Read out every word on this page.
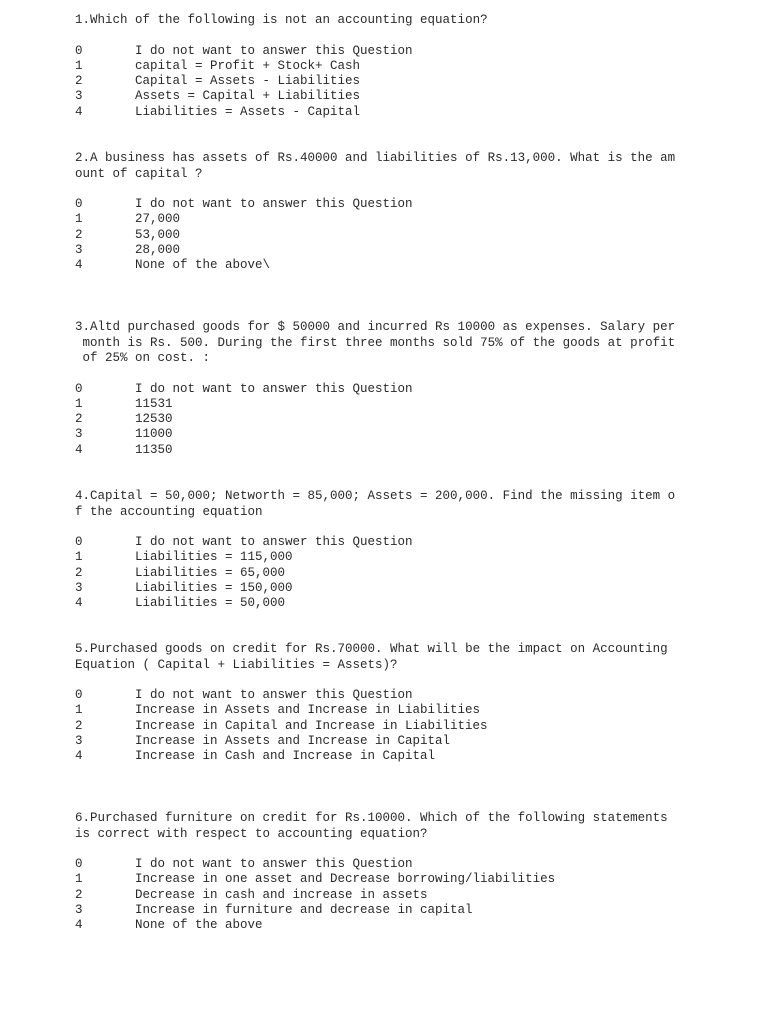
1.Which of the following is not an accounting equation?

0	I do not want to answer this Question
1	capital = Profit + Stock+ Cash
2	Capital = Assets - Liabilities
3	Assets = Capital + Liabilities
4	Liabilities = Assets - Capital

2.A business has assets of Rs.40000 and liabilities of Rs.13,000. What is the am
ount of capital ?

0	I do not want to answer this Question
1	27,000
2	53,000
3	28,000
4	None of the above\

3.Altd purchased goods for $ 50000 and incurred Rs 10000 as expenses. Salary per
month is Rs. 500. During the first three months sold 75% of the goods at profit
of 25% on cost. :

0	I do not want to answer this Question
1	11531
2	12530
3	11000
4	11350

4.Capital = 50,000; Networth = 85,000; Assets = 200,000. Find the missing item o
f the accounting equation

0	I do not want to answer this Question
1	Liabilities = 115,000
2	Liabilities = 65,000
3	Liabilities = 150,000
4	Liabilities = 50,000

5.Purchased goods on credit for Rs.70000. What will be the impact on Accounting
Equation ( Capital + Liabilities = Assets)?

0	I do not want to answer this Question
1	Increase in Assets and Increase in Liabilities
2	Increase in Capital and Increase in Liabilities
3	Increase in Assets and Increase in Capital
4	Increase in Cash and Increase in Capital

6.Purchased furniture on credit for Rs.10000. Which of the following statements
is correct with respect to accounting equation?

0	I do not want to answer this Question
1	Increase in one asset and Decrease borrowing/liabilities
2	Decrease in cash and increase in assets
3	Increase in furniture and decrease in capital
4	None of the above
